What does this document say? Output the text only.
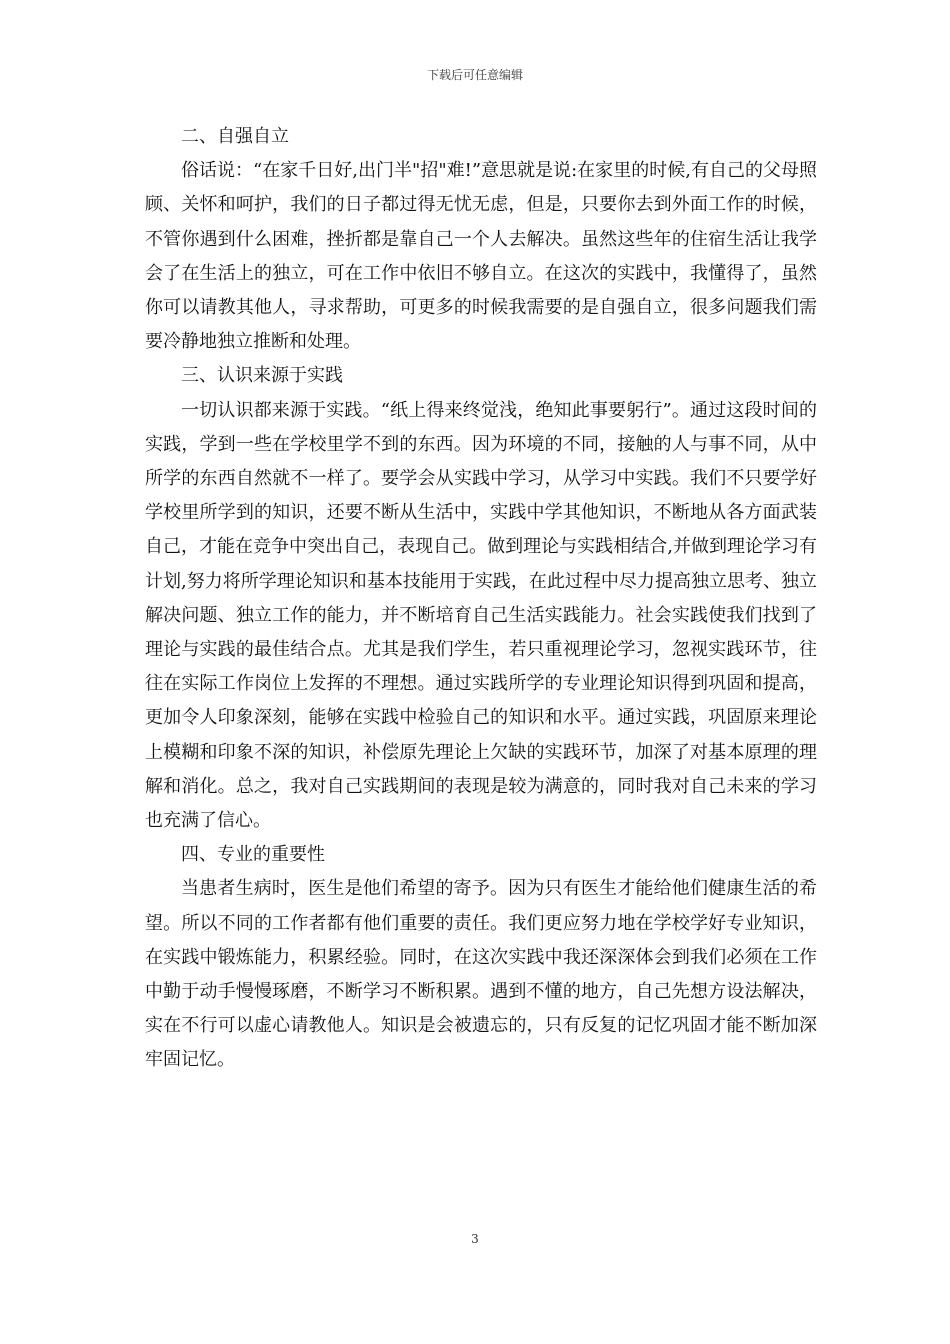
下载后可任意编辑
二、自强自立

俗话说：“在家千日好,出门半"招"难!”意思就是说:在家里的时候,有自己的父母照顾、关怀和呵护，我们的日子都过得无忧无虑，但是，只要你去到外面工作的时候，不管你遇到什么困难，挫折都是靠自己一个人去解决。虽然这些年的住宿生活让我学会了在生活上的独立，可在工作中依旧不够自立。在这次的实践中，我懂得了，虽然你可以请教其他人，寻求帮助，可更多的时候我需要的是自强自立，很多问题我们需要冷静地独立推断和处理。

三、认识来源于实践

一切认识都来源于实践。“纸上得来终觉浅，绝知此事要躬行”。通过这段时间的实践，学到一些在学校里学不到的东西。因为环境的不同，接触的人与事不同，从中所学的东西自然就不一样了。要学会从实践中学习，从学习中实践。我们不只要学好学校里所学到的知识，还要不断从生活中，实践中学其他知识，不断地从各方面武装自己，才能在竞争中突出自己，表现自己。做到理论与实践相结合,并做到理论学习有计划,努力将所学理论知识和基本技能用于实践，在此过程中尽力提高独立思考、独立解决问题、独立工作的能力，并不断培育自己生活实践能力。社会实践使我们找到了理论与实践的最佳结合点。尤其是我们学生，若只重视理论学习，忽视实践环节，往往在实际工作岗位上发挥的不理想。通过实践所学的专业理论知识得到巩固和提高，更加令人印象深刻，能够在实践中检验自己的知识和水平。通过实践，巩固原来理论上模糊和印象不深的知识，补偿原先理论上欠缺的实践环节，加深了对基本原理的理解和消化。总之，我对自己实践期间的表现是较为满意的，同时我对自己未来的学习也充满了信心。

四、专业的重要性

当患者生病时，医生是他们希望的寄予。因为只有医生才能给他们健康生活的希望。所以不同的工作者都有他们重要的责任。我们更应努力地在学校学好专业知识，在实践中锻炼能力，积累经验。同时，在这次实践中我还深深体会到我们必须在工作中勤于动手慢慢琢磨，不断学习不断积累。遇到不懂的地方，自己先想方设法解决，实在不行可以虚心请教他人。知识是会被遗忘的，只有反复的记忆巩固才能不断加深牢固记忆。

3
